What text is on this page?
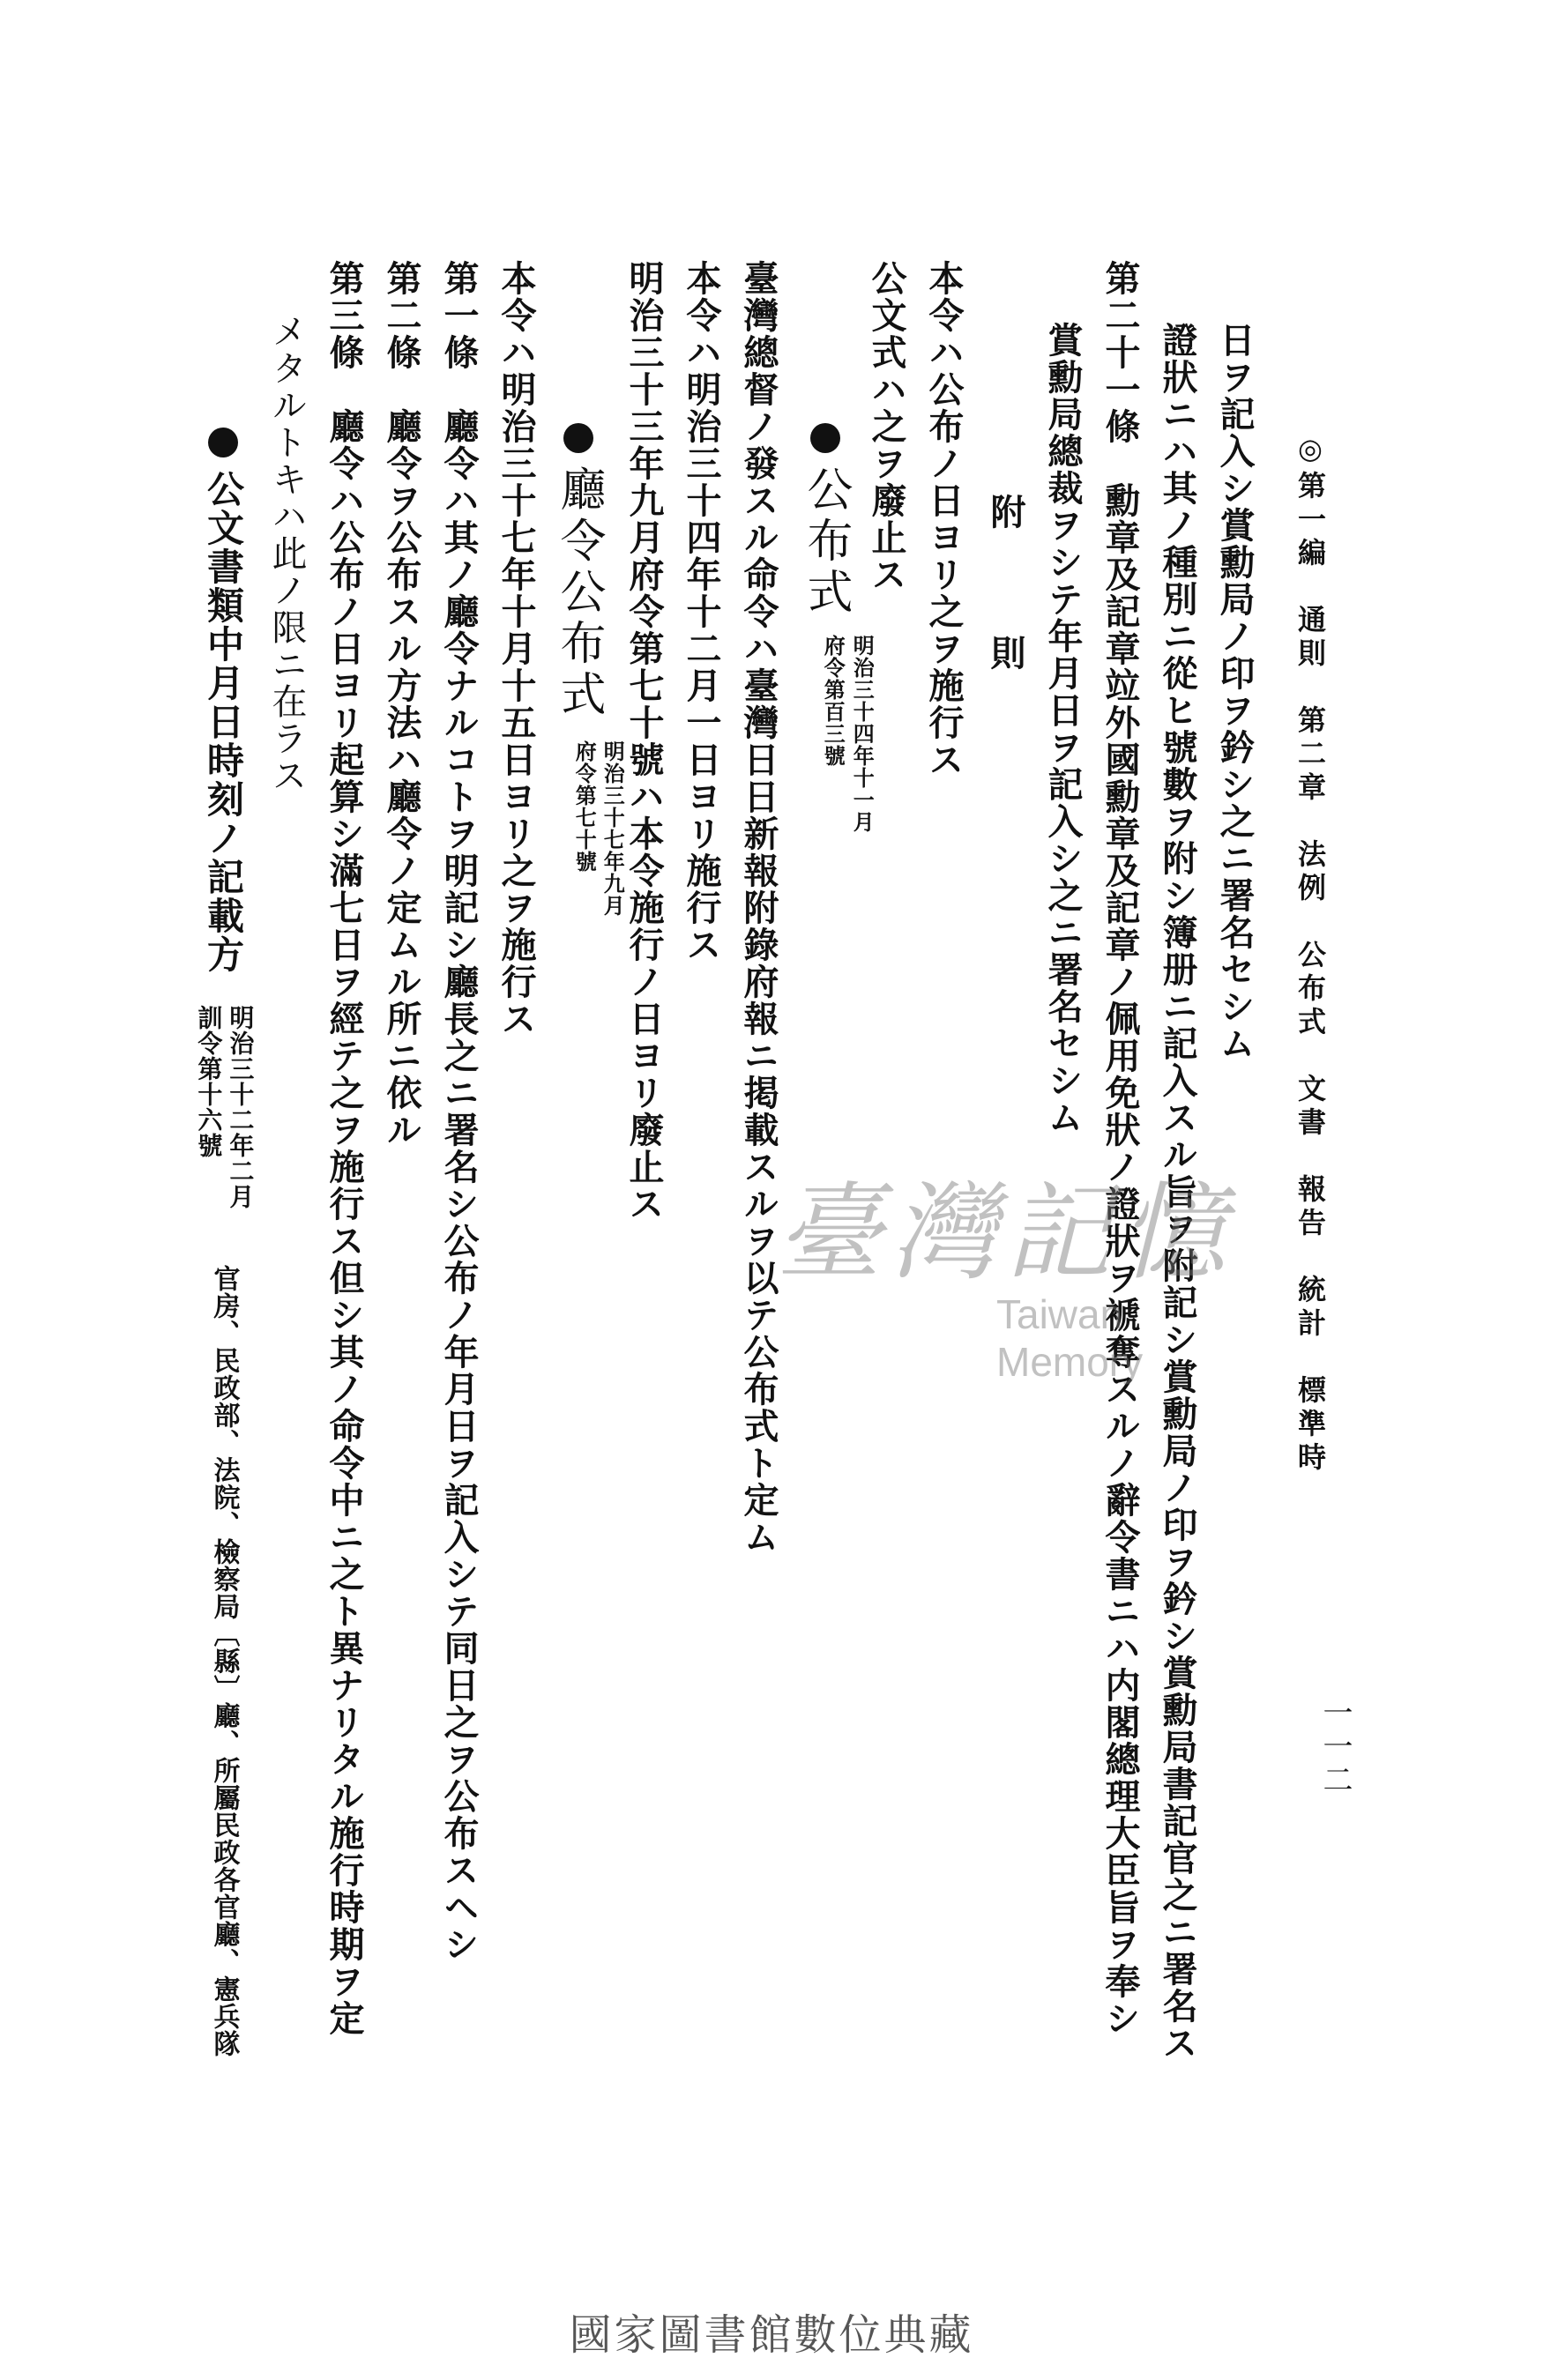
◎第一編　通則　第二章　法例　公布式　文書　報告　統計　標準時
一一二
日ヲ記入シ賞勳局ノ印ヲ鈐シ之ニ署名セシム
證狀ニハ其ノ種別ニ從ヒ號數ヲ附シ簿册ニ記入スル旨ヲ附記シ賞勳局ノ印ヲ鈐シ賞勳局書記官之ニ署名ス
第二十一條　勳章及記章竝外國勳章及記章ノ佩用免狀ノ證狀ヲ褫奪スルノ辭令書ニハ内閣總理大臣旨ヲ奉シ
賞勳局總裁ヲシテ年月日ヲ記入シ之ニ署名セシム
附　則
本令ハ公布ノ日ヨリ之ヲ施行ス
公文式ハ之ヲ廢止ス
公布式
明治三十四年十一月
府令第百三號
臺灣總督ノ發スル命令ハ臺灣日日新報附錄府報ニ掲載スルヲ以テ公布式ト定ム
本令ハ明治三十四年十二月一日ヨリ施行ス
明治三十三年九月府令第七十號ハ本令施行ノ日ヨリ廢止ス
廳令公布式
明治三十七年九月
府令第七十號
本令ハ明治三十七年十月十五日ヨリ之ヲ施行ス
第一條　廳令ハ其ノ廳令ナルコトヲ明記シ廳長之ニ署名シ公布ノ年月日ヲ記入シテ同日之ヲ公布スヘシ
第二條　廳令ヲ公布スル方法ハ廳令ノ定ムル所ニ依ル
第三條　廳令ハ公布ノ日ヨリ起算シ滿七日ヲ經テ之ヲ施行ス但シ其ノ命令中ニ之ト異ナリタル施行時期ヲ定
メタルトキハ此ノ限ニ在ラス
公文書類中月日時刻ノ記載方
明治三十二年二月
訓令第十六號
官房、民政部、法院、檢察局〔縣〕廳、所屬民政各官廳、憲兵隊
臺灣記憶
Taiwan Memory
國家圖書館數位典藏
